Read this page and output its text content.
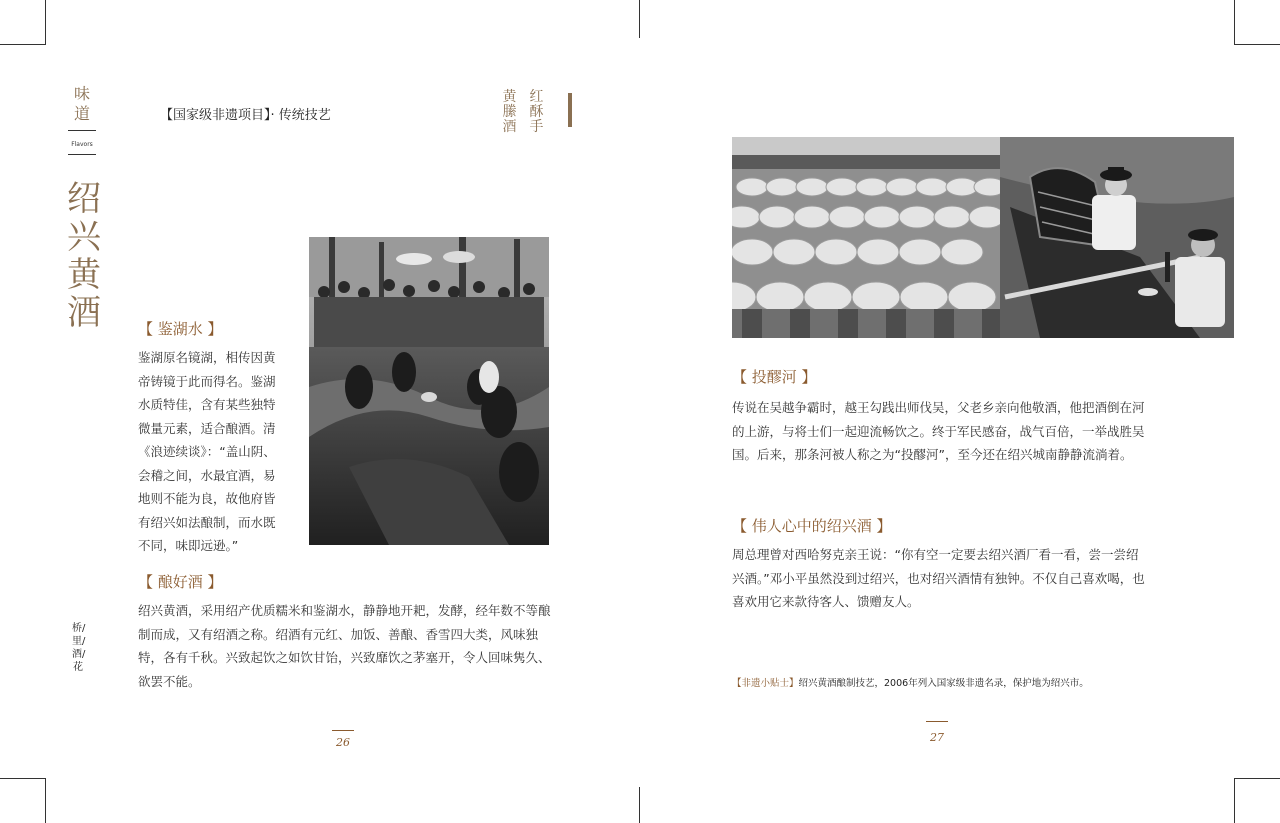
味道
Flavors
绍兴黄酒
桥/里/酒/花
【国家级非遗项目】· 传统技艺
黄縢酒
红酥手
【 鉴湖水 】
鉴湖原名镜湖，相传因黄帝铸镜于此而得名。鉴湖水质特佳，含有某些独特微量元素，适合酿酒。清《浪迹续谈》：“盖山阴、会稽之间，水最宜酒，易地则不能为良，故他府皆有绍兴如法酿制，而水既不同，味即远逊。”
【 酿好酒 】
绍兴黄酒，采用绍产优质糯米和鉴湖水，静静地开耙，发酵，经年数不等酿制而成，又有绍酒之称。绍酒有元红、加饭、善酿、香雪四大类，风味独特，各有千秋。兴致起饮之如饮甘饴，兴致靡饮之茅塞开，令人回味隽久、欲罢不能。
26
【 投醪河 】
传说在吴越争霸时，越王勾践出师伐吴，父老乡亲向他敬酒，他把酒倒在河的上游，与将士们一起迎流畅饮之。终于军民感奋，战气百倍，一举战胜吴国。后来，那条河被人称之为“投醪河”，至今还在绍兴城南静静流淌着。
【 伟人心中的绍兴酒 】
周总理曾对西哈努克亲王说：“你有空一定要去绍兴酒厂看一看，尝一尝绍兴酒。”邓小平虽然没到过绍兴，也对绍兴酒情有独钟。不仅自己喜欢喝，也喜欢用它来款待客人、馈赠友人。
【非遗小贴士】绍兴黄酒酿制技艺，2006年列入国家级非遗名录，保护地为绍兴市。
27
